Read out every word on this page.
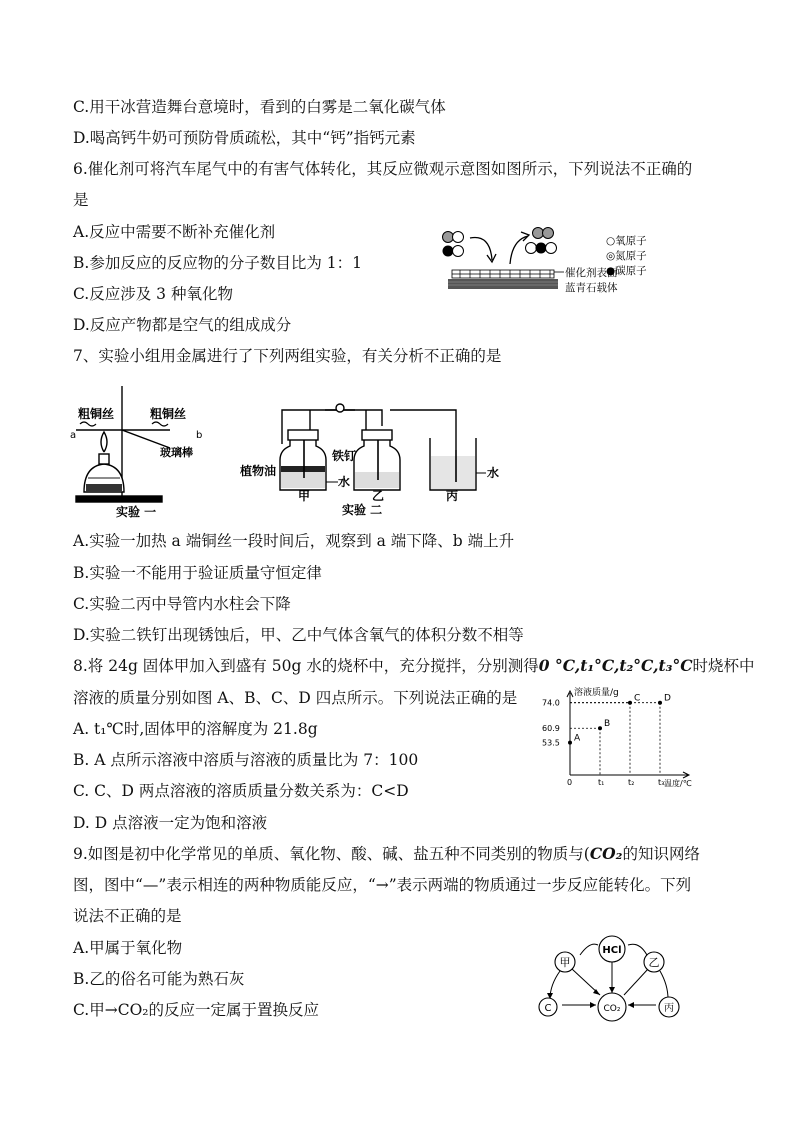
C.用干冰营造舞台意境时，看到的白雾是二氧化碳气体
D.喝高钙牛奶可预防骨质疏松，其中“钙”指钙元素
6.催化剂可将汽车尾气中的有害气体转化，其反应微观示意图如图所示，下列说法不正确的
是
A.反应中需要不断补充催化剂
B.参加反应的反应物的分子数目比为 1：1
C.反应涉及 3 种氧化物
D.反应产物都是空气的组成成分
7、实验小组用金属进行了下列两组实验，有关分析不正确的是
A.实验一加热 a 端铜丝一段时间后，观察到 a 端下降、b 端上升
B.实验一不能用于验证质量守恒定律
C.实验二丙中导管内水柱会下降
D.实验二铁钉出现锈蚀后，甲、乙中气体含氧气的体积分数不相等
8.将 24g 固体甲加入到盛有 50g 水的烧杯中，充分搅拌，分别测得0 °C,t₁°C,t₂°C,t₃°C时烧杯中
溶液的质量分别如图 A、B、C、D 四点所示。下列说法正确的是
A. t₁℃时,固体甲的溶解度为 21.8g
B. A 点所示溶液中溶质与溶液的质量比为 7：100
C. C、D 两点溶液的溶质质量分数关系为：C<D
D. D 点溶液一定为饱和溶液
9.如图是初中化学常见的单质、氧化物、酸、碱、盐五种不同类别的物质与(CO₂的知识网络
图，图中“—”表示相连的两种物质能反应，“→”表示两端的物质通过一步反应能转化。下列
说法不正确的是
A.甲属于氧化物
B.乙的俗名可能为熟石灰
C.甲→CO₂的反应一定属于置换反应
催化剂表面
蓝青石载体
○氧原子
◎氮原子
●碳原子
粗铜丝	粗铜丝
a	b
玻璃棒
实验 一
植物油
铁钉
水
水
甲	乙	丙
实验 二
溶液质量/g
温度/℃
0	t₁	t₂	t₃
53.5
60.9
74.0
A
B
C	D
HCl
甲	乙
C	CO₂	丙
